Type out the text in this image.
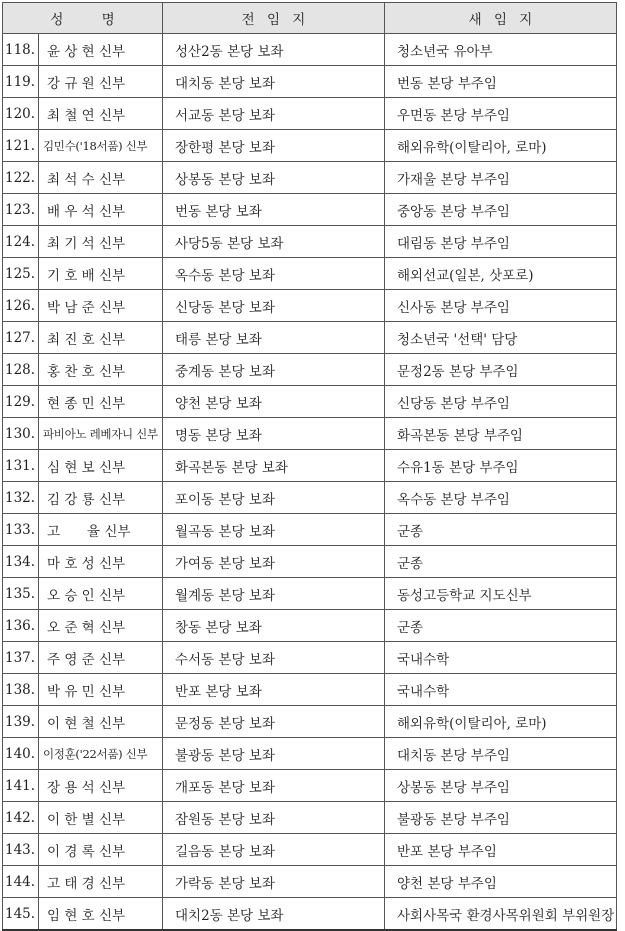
성 명		전 임 지	새 임 지
118.	윤 상 현 신부	성산2동 본당 보좌	청소년국 유아부
119.	강 규 원 신부	대치동 본당 보좌	번동 본당 부주임
120.	최 철 연 신부	서교동 본당 보좌	우면동 본당 부주임
121.	김민수('18서품) 신부	장한평 본당 보좌	해외유학(이탈리아, 로마)
122.	최 석 수 신부	상봉동 본당 보좌	가재울 본당 부주임
123.	배 우 석 신부	번동 본당 보좌	중앙동 본당 부주임
124.	최 기 석 신부	사당5동 본당 보좌	대림동 본당 부주임
125.	기 호 배 신부	옥수동 본당 보좌	해외선교(일본, 삿포로)
126.	박 남 준 신부	신당동 본당 보좌	신사동 본당 부주임
127.	최 진 호 신부	태릉 본당 보좌	청소년국 '선택' 담당
128.	홍 찬 호 신부	중계동 본당 보좌	문정2동 본당 부주임
129.	현 종 민 신부	양천 본당 보좌	신당동 본당 부주임
130.	파비아노 레베자니 신부	명동 본당 보좌	화곡본동 본당 부주임
131.	심 현 보 신부	화곡본동 본당 보좌	수유1동 본당 부주임
132.	김 강 룡 신부	포이동 본당 보좌	옥수동 본당 부주임
133.	고　　율 신부	월곡동 본당 보좌	군종
134.	마 호 성 신부	가여동 본당 보좌	군종
135.	오 승 인 신부	월계동 본당 보좌	동성고등학교 지도신부
136.	오 준 혁 신부	창동 본당 보좌	군종
137.	주 영 준 신부	수서동 본당 보좌	국내수학
138.	박 유 민 신부	반포 본당 보좌	국내수학
139.	이 현 철 신부	문정동 본당 보좌	해외유학(이탈리아, 로마)
140.	이정훈('22서품) 신부	불광동 본당 보좌	대치동 본당 부주임
141.	장 용 석 신부	개포동 본당 보좌	상봉동 본당 부주임
142.	이 한 별 신부	잠원동 본당 보좌	불광동 본당 부주임
143.	이 경 록 신부	길음동 본당 보좌	반포 본당 부주임
144.	고 태 경 신부	가락동 본당 보좌	양천 본당 부주임
145.	임 현 호 신부	대치2동 본당 보좌	사회사목국 환경사목위원회 부위원장
